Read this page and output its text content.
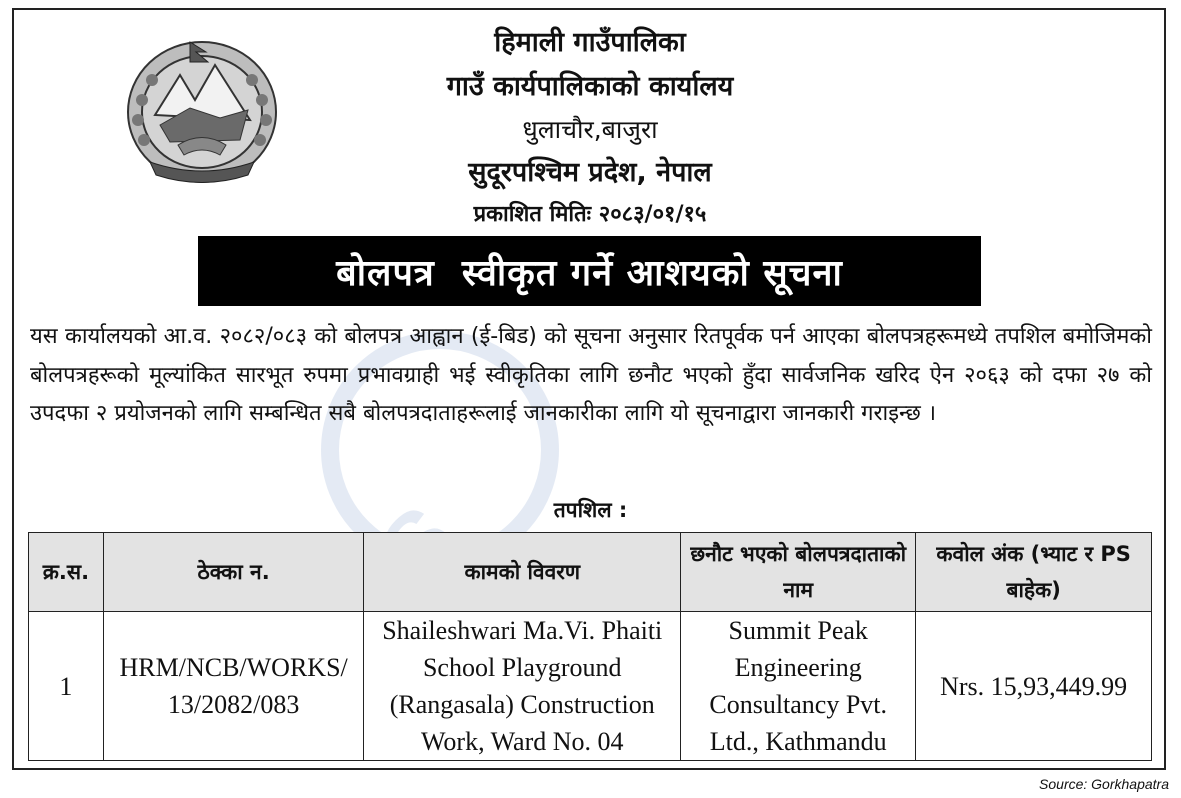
हिमाली गाउँपालिका
गाउँ कार्यपालिकाको कार्यालय
धुलाचौर,बाजुरा
सुदूरपश्चिम प्रदेश, नेपाल
प्रकाशित मितिः २०८३/०१/१५
बोलपत्र  स्वीकृत गर्ने आशयको सूचना
यस कार्यालयको आ.व. २०८२/०८३ को बोलपत्र आह्वान (ई-बिड) को सूचना अनुसार रितपूर्वक पर्न आएका बोलपत्रहरूमध्ये तपशिल बमोजिमको बोलपत्रहरूको मूल्यांकित सारभूत रुपमा प्रभावग्राही भई स्वीकृतिका लागि छनौट भएको हुँदा सार्वजनिक खरिद ऐन २०६३ को दफा २७ को उपदफा २ प्रयोजनको लागि सम्बन्धित सबै बोलपत्रदाताहरूलाई जानकारीका लागि यो सूचनाद्वारा जानकारी गराइन्छ ।
तपशिल :
क्र.स.	ठेक्का न.	कामको विवरण	छनौट भएको बोलपत्रदाताको नाम	कवोल अंक (भ्याट र PS बाहेक)
1	HRM/NCB/WORKS/ 13/2082/083	Shaileshwari Ma.Vi. Phaiti School Playground (Rangasala) Construction Work, Ward No. 04	Summit Peak Engineering Consultancy Pvt. Ltd., Kathmandu	Nrs. 15,93,449.99
Source: Gorkhapatra
